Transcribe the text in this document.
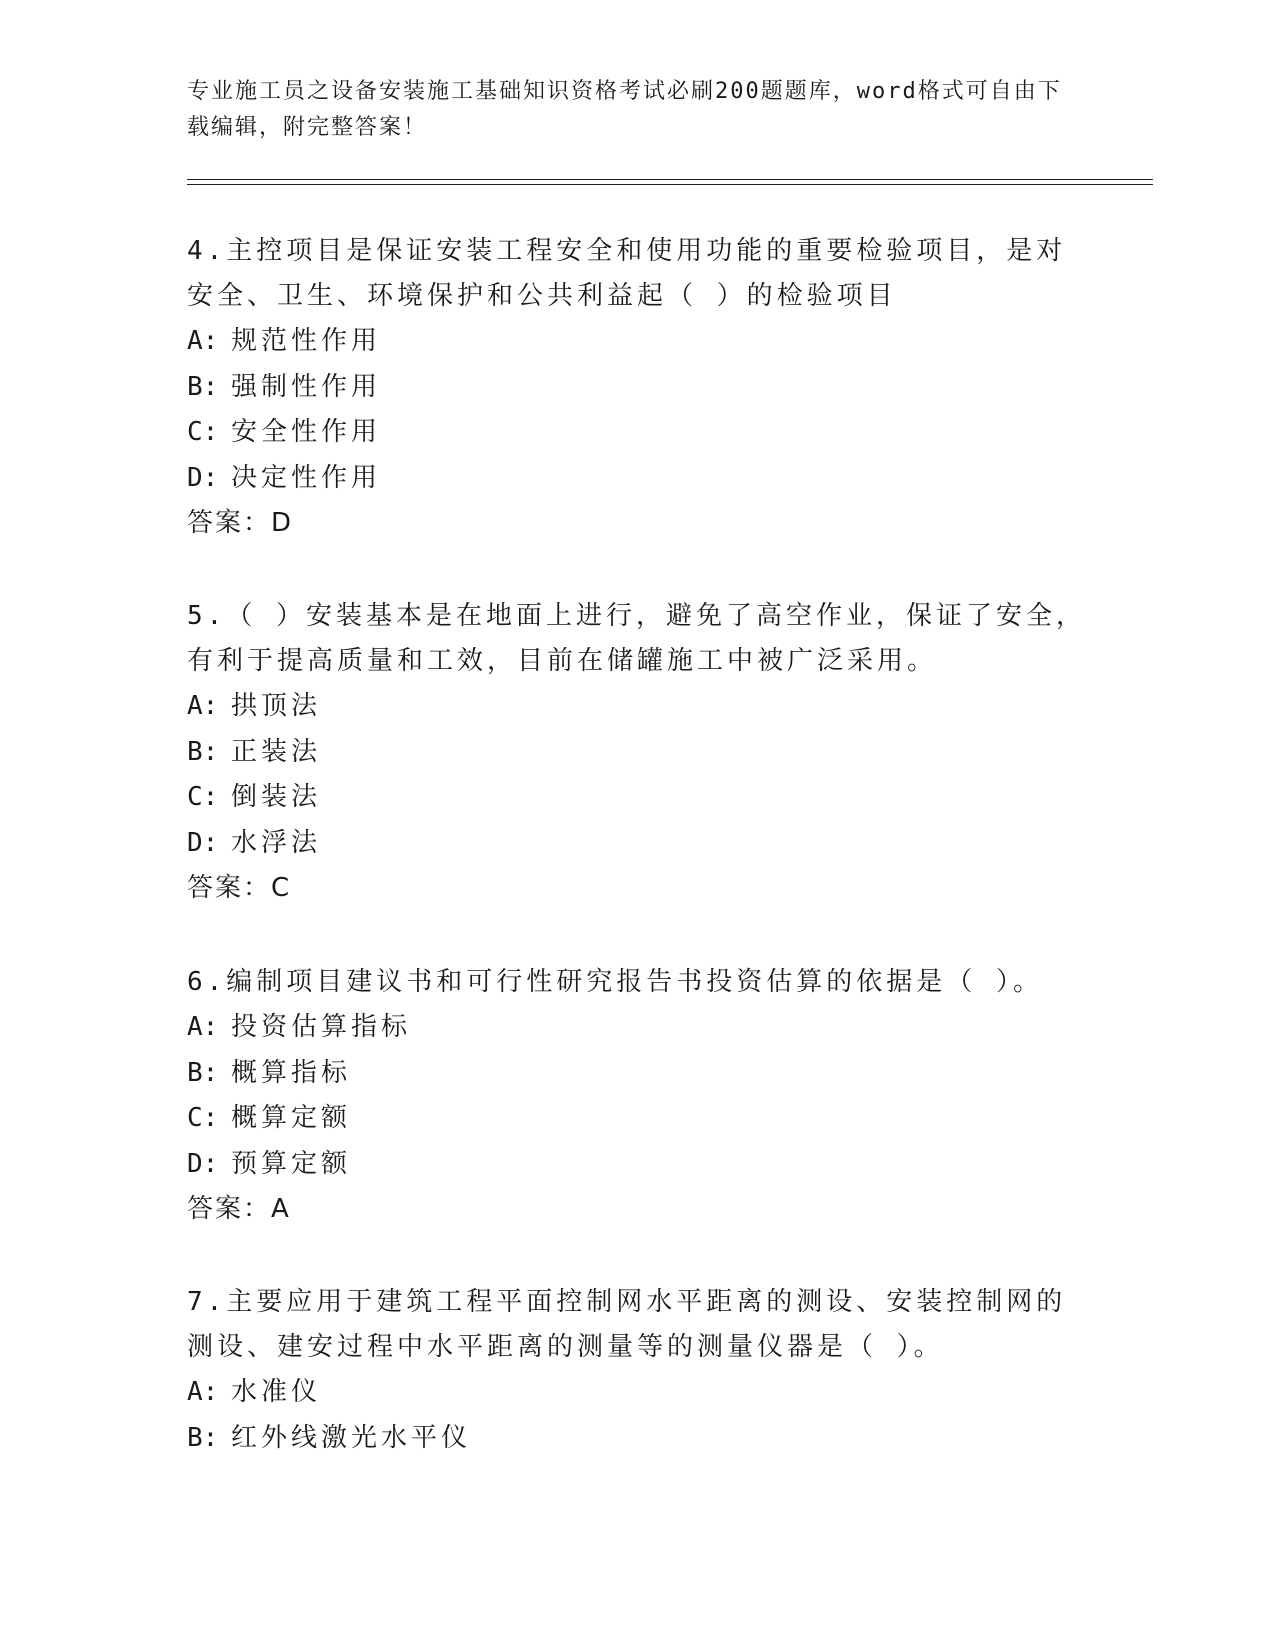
专业施工员之设备安装施工基础知识资格考试必刷200题题库，word格式可自由下载编辑，附完整答案！

4.主控项目是保证安装工程安全和使用功能的重要检验项目，是对安全、卫生、环境保护和公共利益起（ ）的检验项目

A: 规范性作用

B: 强制性作用

C: 安全性作用

D: 决定性作用

答案：D

5.（ ）安装基本是在地面上进行，避免了高空作业，保证了安全，有利于提高质量和工效，目前在储罐施工中被广泛采用。

A: 拱顶法

B: 正装法

C: 倒装法

D: 水浮法

答案：C

6.编制项目建议书和可行性研究报告书投资估算的依据是（ ）。

A: 投资估算指标

B: 概算指标

C: 概算定额

D: 预算定额

答案：A

7.主要应用于建筑工程平面控制网水平距离的测设、安装控制网的测设、建安过程中水平距离的测量等的测量仪器是（ ）。

A: 水准仪

B: 红外线激光水平仪
